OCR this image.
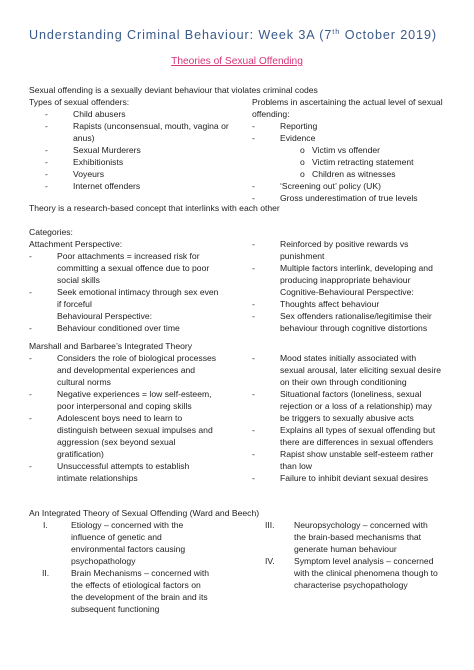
Understanding Criminal Behaviour: Week 3A (7th October 2019)
Theories of Sexual Offending
Sexual offending is a sexually deviant behaviour that violates criminal codes
Types of sexual offenders:
-	Child abusers
-	Rapists (unconsensual, mouth, vagina or
anus)
-	Sexual Murderers
-	Exhibitionists
-	Voyeurs
-	Internet offenders
Problems in ascertaining the actual level of sexual
offending:
-	Reporting
-	Evidence
o Victim vs offender
o Victim retracting statement
o Children as witnesses
-	‘Screening out’ policy (UK)
-	Gross underestimation of true levels
Theory is a research-based concept that interlinks with each other
Categories:
Attachment Perspective:
-	Poor attachments = increased risk for
committing a sexual offence due to poor
social skills
-	Seek emotional intimacy through sex even
if forceful
Behavioural Perspective:
-	Behaviour conditioned over time
-	Reinforced by positive rewards vs
punishment
-	Multiple factors interlink, developing and
producing inappropriate behaviour
Cognitive-Behavioural Perspective:
-	Thoughts affect behaviour
-	Sex offenders rationalise/legitimise their
behaviour through cognitive distortions
Marshall and Barbaree’s Integrated Theory
-	Considers the role of biological processes
and developmental experiences and
cultural norms
-	Negative experiences = low self-esteem,
poor interpersonal and coping skills
-	Adolescent boys need to learn to
distinguish between sexual impulses and
aggression (sex beyond sexual
gratification)
-	Unsuccessful attempts to establish
intimate relationships
-	Mood states initially associated with
sexual arousal, later eliciting sexual desire
on their own through conditioning
-	Situational factors (loneliness, sexual
rejection or a loss of a relationship) may
be triggers to sexually abusive acts
-	Explains all types of sexual offending but
there are differences in sexual offenders
-	Rapist show unstable self-esteem rather
than low
-	Failure to inhibit deviant sexual desires
An Integrated Theory of Sexual Offending (Ward and Beech)
I.	Etiology – concerned with the
influence of genetic and
environmental factors causing
psychopathology
II.	Brain Mechanisms – concerned with
the effects of etiological factors on
the development of the brain and its
subsequent functioning
III. Neuropsychology – concerned with
the brain-based mechanisms that
generate human behaviour
IV. Symptom level analysis – concerned
with the clinical phenomena though to
characterise psychopathology
